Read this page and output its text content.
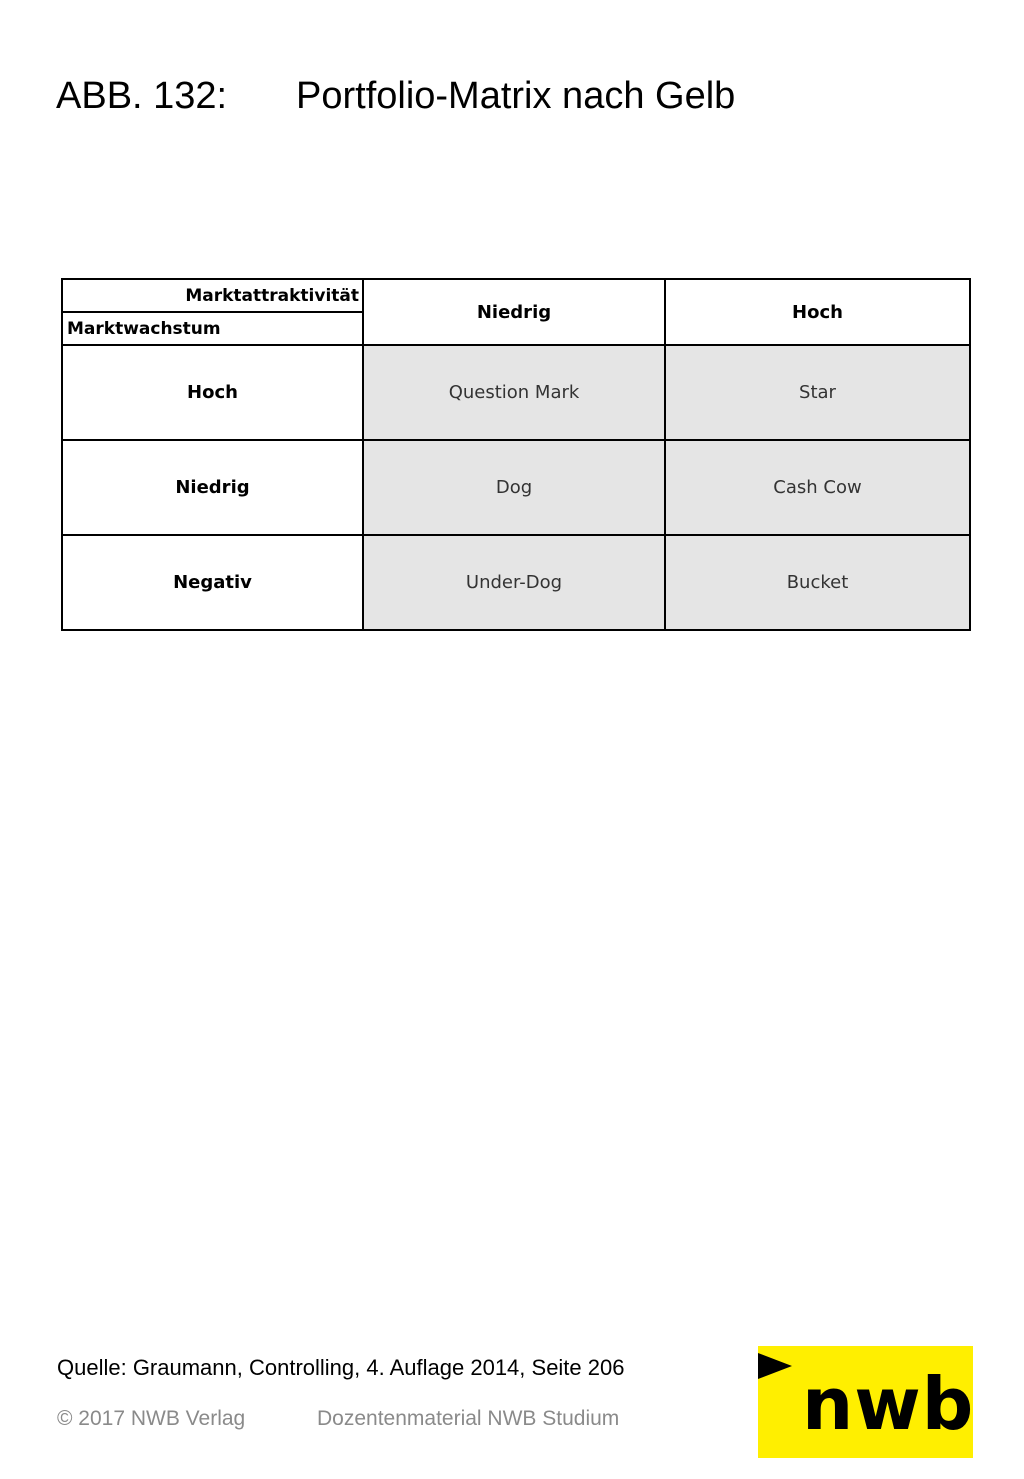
ABB. 132: Portfolio-Matrix nach Gelb
Marktattraktivität
Marktwachstum	Niedrig	Hoch
Hoch	Question Mark	Star
Niedrig	Dog	Cash Cow
Negativ	Under-Dog	Bucket
Quelle: Graumann, Controlling, 4. Auflage 2014, Seite 206
© 2017 NWB Verlag	Dozentenmaterial NWB Studium	nwb
